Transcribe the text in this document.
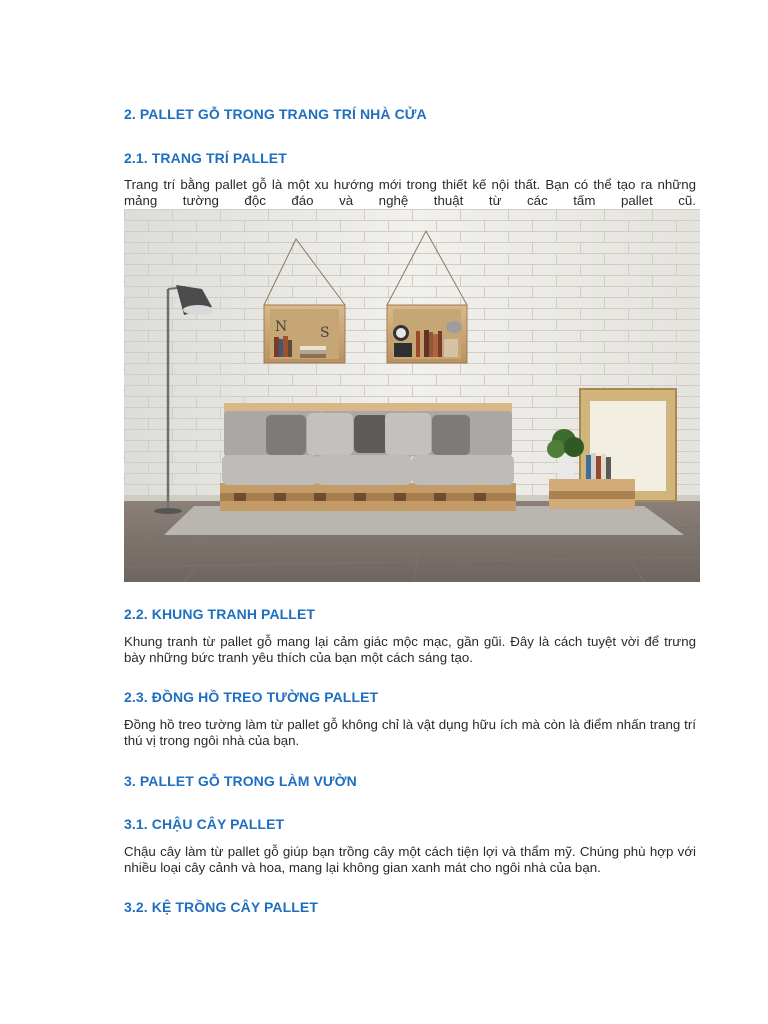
2. PALLET GỖ TRONG TRANG TRÍ NHÀ CỬA
2.1. TRANG TRÍ PALLET

Trang trí bằng pallet gỗ là một xu hướng mới trong thiết kế nội thất. Bạn có thể tạo ra những mảng tường độc đáo và nghệ thuật từ các tấm pallet cũ.

N S
2.2. KHUNG TRANH PALLET

Khung tranh từ pallet gỗ mang lại cảm giác mộc mạc, gần gũi. Đây là cách tuyệt vời để trưng bày những bức tranh yêu thích của bạn một cách sáng tạo.

2.3. ĐỒNG HỒ TREO TƯỜNG PALLET

Đồng hồ treo tường làm từ pallet gỗ không chỉ là vật dụng hữu ích mà còn là điểm nhấn trang trí thú vị trong ngôi nhà của bạn.

3. PALLET GỖ TRONG LÀM VƯỜN
3.1. CHẬU CÂY PALLET

Chậu cây làm từ pallet gỗ giúp bạn trồng cây một cách tiện lợi và thẩm mỹ. Chúng phù hợp với nhiều loại cây cảnh và hoa, mang lại không gian xanh mát cho ngôi nhà của bạn.

3.2. KỆ TRỒNG CÂY PALLET
